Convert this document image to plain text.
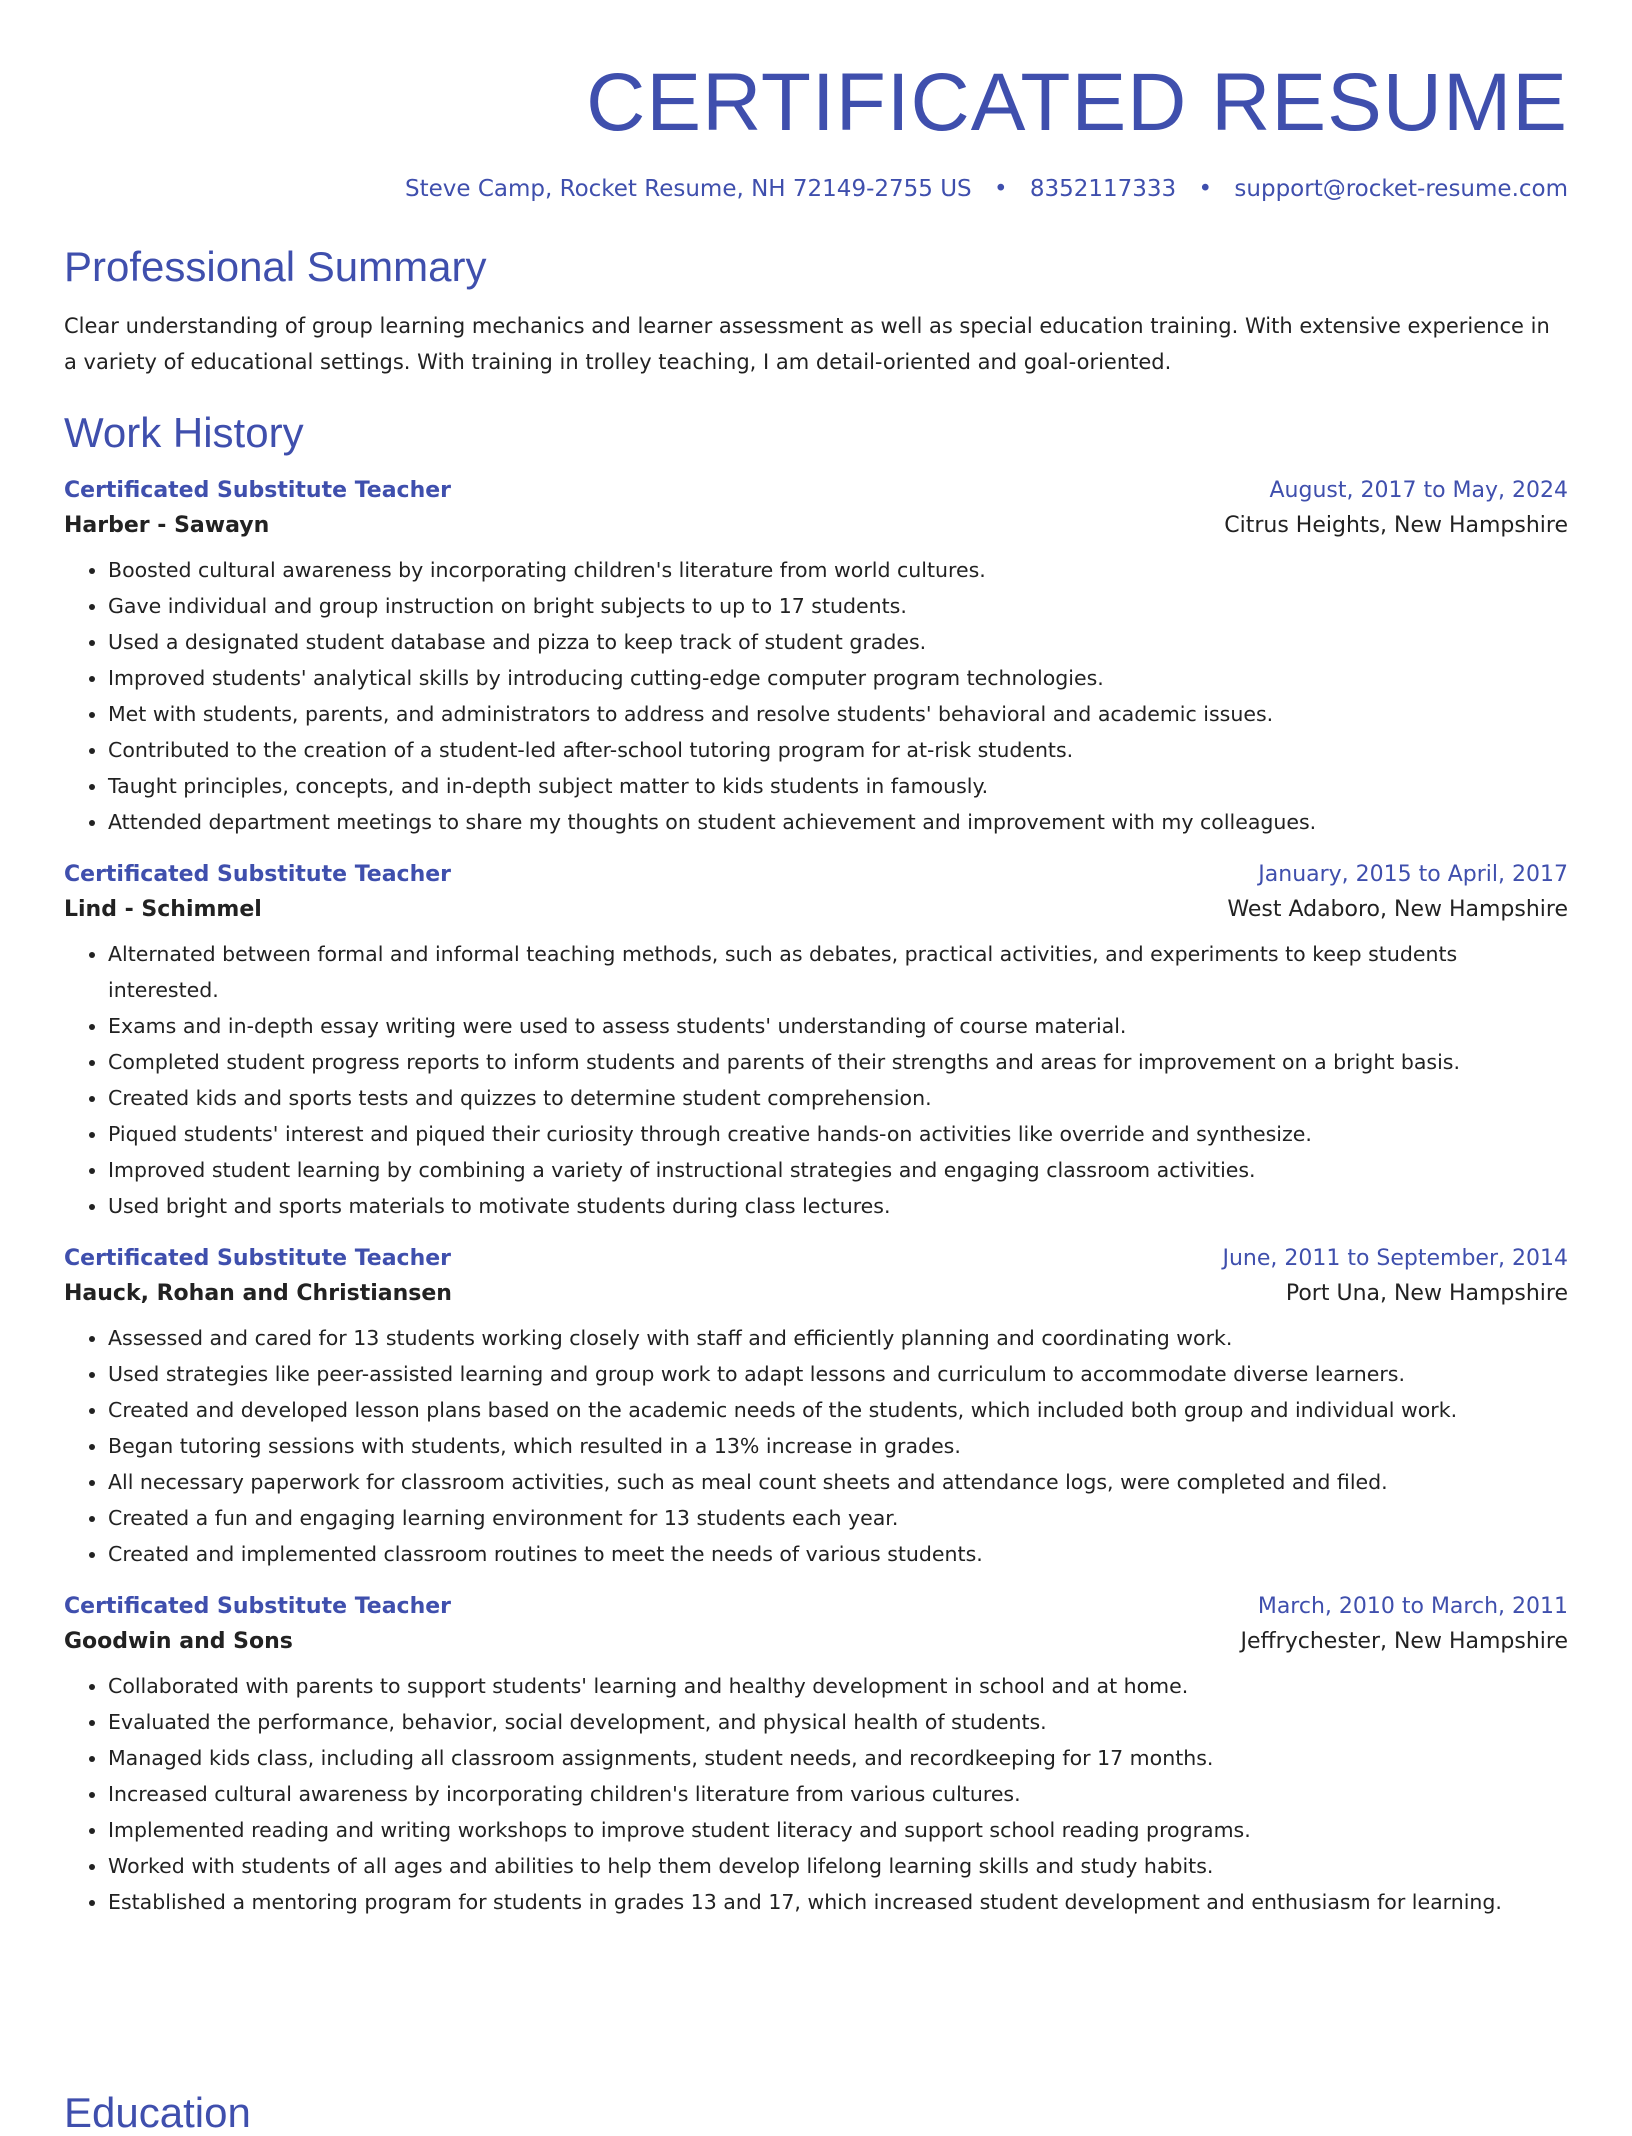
CERTIFICATED RESUME
Steve Camp, Rocket Resume, NH 72149-2755 US • 8352117333 • support@rocket-resume.com
Professional Summary
Clear understanding of group learning mechanics and learner assessment as well as special education training. With extensive experience in a variety of educational settings. With training in trolley teaching, I am detail-oriented and goal-oriented.
Work History
Certificated Substitute Teacher	August, 2017 to May, 2024
Harber - Sawayn	Citrus Heights, New Hampshire
• Boosted cultural awareness by incorporating children's literature from world cultures.
• Gave individual and group instruction on bright subjects to up to 17 students.
• Used a designated student database and pizza to keep track of student grades.
• Improved students' analytical skills by introducing cutting-edge computer program technologies.
• Met with students, parents, and administrators to address and resolve students' behavioral and academic issues.
• Contributed to the creation of a student-led after-school tutoring program for at-risk students.
• Taught principles, concepts, and in-depth subject matter to kids students in famously.
• Attended department meetings to share my thoughts on student achievement and improvement with my colleagues.
Certificated Substitute Teacher	January, 2015 to April, 2017
Lind - Schimmel	West Adaboro, New Hampshire
• Alternated between formal and informal teaching methods, such as debates, practical activities, and experiments to keep students interested.
• Exams and in-depth essay writing were used to assess students' understanding of course material.
• Completed student progress reports to inform students and parents of their strengths and areas for improvement on a bright basis.
• Created kids and sports tests and quizzes to determine student comprehension.
• Piqued students' interest and piqued their curiosity through creative hands-on activities like override and synthesize.
• Improved student learning by combining a variety of instructional strategies and engaging classroom activities.
• Used bright and sports materials to motivate students during class lectures.
Certificated Substitute Teacher	June, 2011 to September, 2014
Hauck, Rohan and Christiansen	Port Una, New Hampshire
• Assessed and cared for 13 students working closely with staff and efficiently planning and coordinating work.
• Used strategies like peer-assisted learning and group work to adapt lessons and curriculum to accommodate diverse learners.
• Created and developed lesson plans based on the academic needs of the students, which included both group and individual work.
• Began tutoring sessions with students, which resulted in a 13% increase in grades.
• All necessary paperwork for classroom activities, such as meal count sheets and attendance logs, were completed and filed.
• Created a fun and engaging learning environment for 13 students each year.
• Created and implemented classroom routines to meet the needs of various students.
Certificated Substitute Teacher	March, 2010 to March, 2011
Goodwin and Sons	Jeffrychester, New Hampshire
• Collaborated with parents to support students' learning and healthy development in school and at home.
• Evaluated the performance, behavior, social development, and physical health of students.
• Managed kids class, including all classroom assignments, student needs, and recordkeeping for 17 months.
• Increased cultural awareness by incorporating children's literature from various cultures.
• Implemented reading and writing workshops to improve student literacy and support school reading programs.
• Worked with students of all ages and abilities to help them develop lifelong learning skills and study habits.
• Established a mentoring program for students in grades 13 and 17, which increased student development and enthusiasm for learning.
Education
